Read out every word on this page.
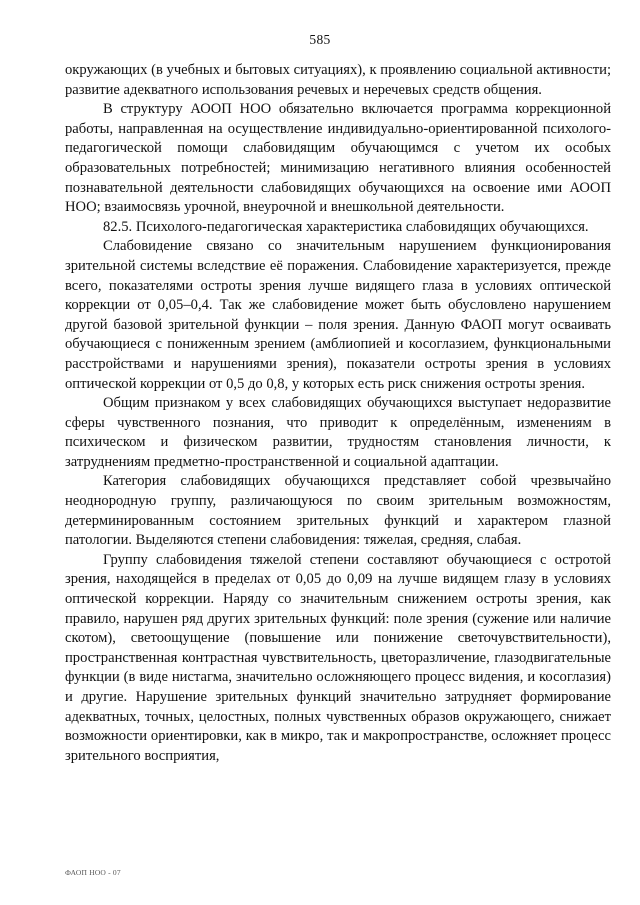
585

окружающих (в учебных и бытовых ситуациях), к проявлению социальной активности; развитие адекватного использования речевых и неречевых средств общения.

В структуру АООП НОО обязательно включается программа коррекционной работы, направленная на осуществление индивидуально-ориентированной психолого-педагогической помощи слабовидящим обучающимся с учетом их особых образовательных потребностей; минимизацию негативного влияния особенностей познавательной деятельности слабовидящих обучающихся на освоение ими АООП НОО; взаимосвязь урочной, внеурочной и внешкольной деятельности.

82.5. Психолого-педагогическая характеристика слабовидящих обучающихся.

Слабовидение связано со значительным нарушением функционирования зрительной системы вследствие её поражения. Слабовидение характеризуется, прежде всего, показателями остроты зрения лучше видящего глаза в условиях оптической коррекции от 0,05–0,4. Так же слабовидение может быть обусловлено нарушением другой базовой зрительной функции – поля зрения. Данную ФАОП могут осваивать обучающиеся с пониженным зрением (амблиопией и косоглазием, функциональными расстройствами и нарушениями зрения), показатели остроты зрения в условиях оптической коррекции от 0,5 до 0,8, у которых есть риск снижения остроты зрения.

Общим признаком у всех слабовидящих обучающихся выступает недоразвитие сферы чувственного познания, что приводит к определённым, изменениям в психическом и физическом развитии, трудностям становления личности, к затруднениям предметно-пространственной и социальной адаптации.

Категория слабовидящих обучающихся представляет собой чрезвычайно неоднородную группу, различающуюся по своим зрительным возможностям, детерминированным состоянием зрительных функций и характером глазной патологии. Выделяются степени слабовидения: тяжелая, средняя, слабая.

Группу слабовидения тяжелой степени составляют обучающиеся с остротой зрения, находящейся в пределах от 0,05 до 0,09 на лучше видящем глазу в условиях оптической коррекции. Наряду со значительным снижением остроты зрения, как правило, нарушен ряд других зрительных функций: поле зрения (сужение или наличие скотом), светоощущение (повышение или понижение светочувствительности), пространственная контрастная чувствительность, цветоразличение, глазодвигательные функции (в виде нистагма, значительно осложняющего процесс видения, и косоглазия) и другие. Нарушение зрительных функций значительно затрудняет формирование адекватных, точных, целостных, полных чувственных образов окружающего, снижает возможности ориентировки, как в микро, так и макропространстве, осложняет процесс зрительного восприятия,

ФАОП НОО - 07
